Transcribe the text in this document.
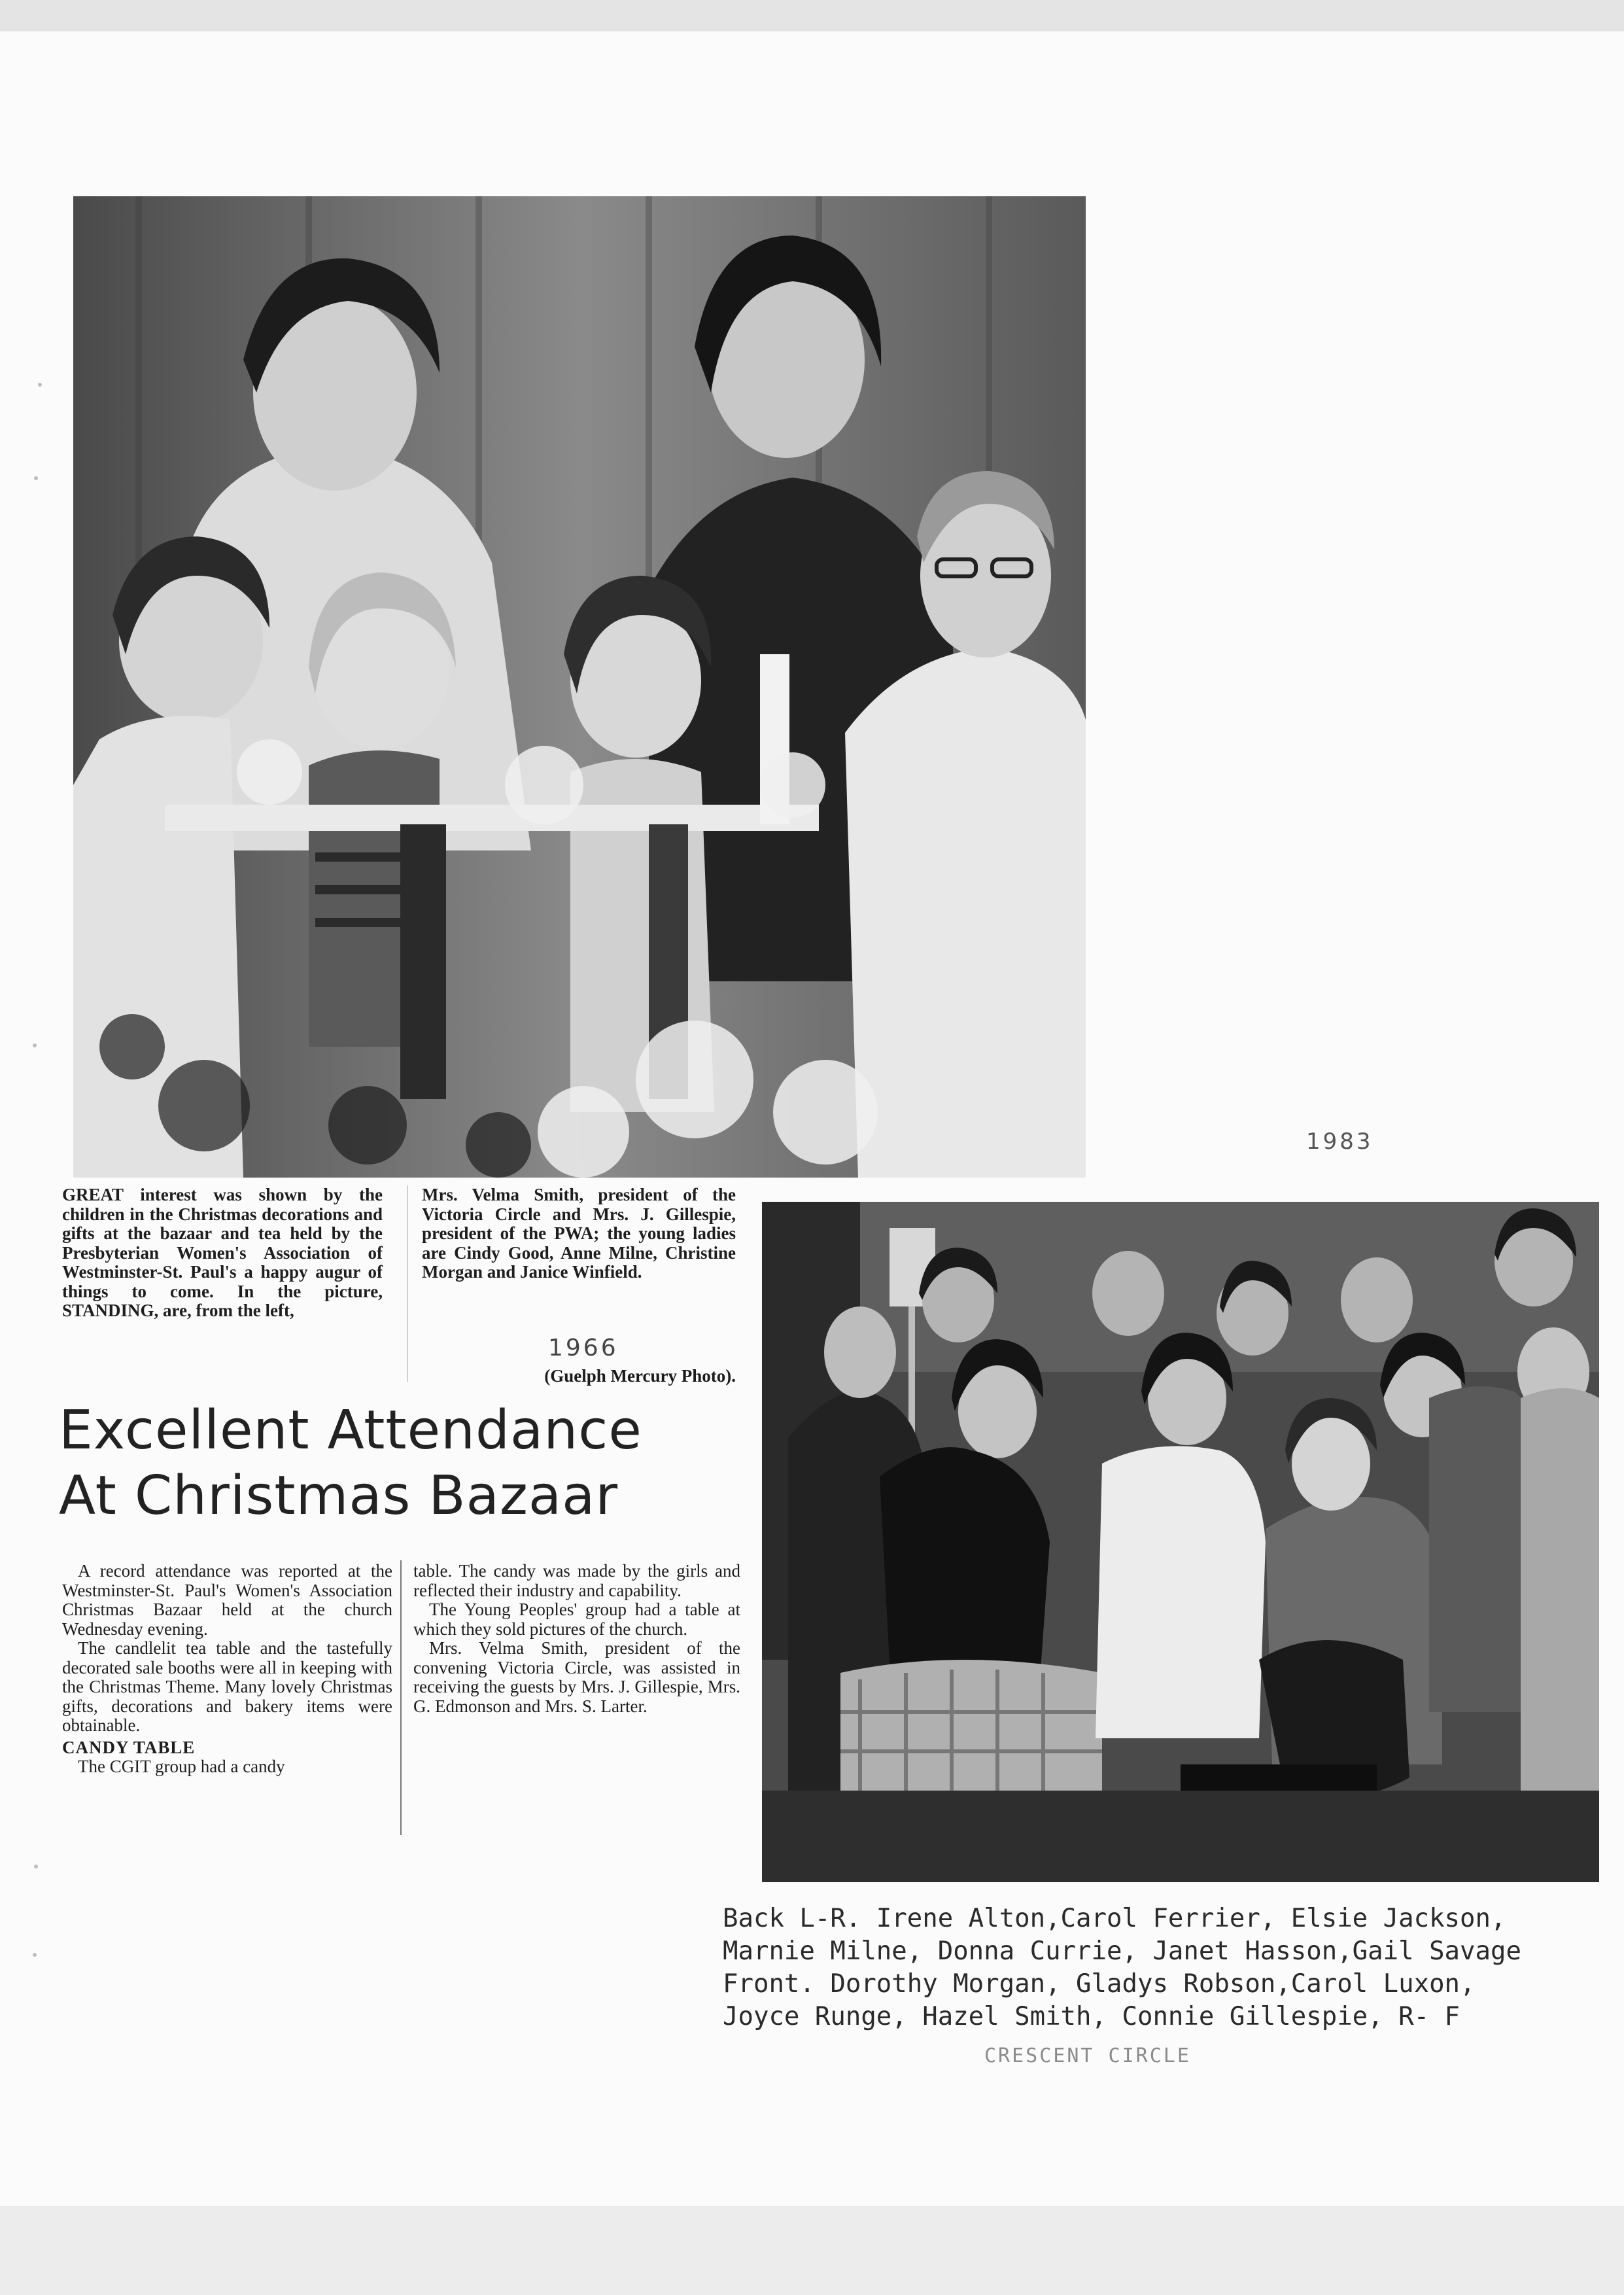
1983
GREAT interest was shown by the children in the Christmas decorations and gifts at the bazaar and tea held by the Presbyterian Women's Association of Westminster-St. Paul's a happy augur of things to come. In the picture, STANDING, are, from the left,
Mrs. Velma Smith, president of the Victoria Circle and Mrs. J. Gillespie, president of the PWA; the young ladies are Cindy Good, Anne Milne, Christine Morgan and Janice Winfield.
1966
(Guelph Mercury Photo).
Excellent Attendance
At Christmas Bazaar

A record attendance was reported at the Westminster-St. Paul's Women's Association Christmas Bazaar held at the church Wednesday evening.

The candlelit tea table and the tastefully decorated sale booths were all in keeping with the Christmas Theme. Many lovely Christmas gifts, decorations and bakery items were obtainable.

CANDY TABLE

The CGIT group had a candy

table. The candy was made by the girls and reflected their industry and capability.

The Young Peoples' group had a table at which they sold pictures of the church.

Mrs. Velma Smith, president of the convening Victoria Circle, was assisted in receiving the guests by Mrs. J. Gillespie, Mrs. G. Edmonson and Mrs. S. Larter.

Back L-R. Irene Alton,Carol Ferrier, Elsie Jackson,
Marnie Milne, Donna Currie, Janet Hasson,Gail Savage
Front. Dorothy Morgan, Gladys Robson,Carol Luxon,
Joyce Runge, Hazel Smith, Connie Gillespie, R- F
CRESCENT CIRCLE
